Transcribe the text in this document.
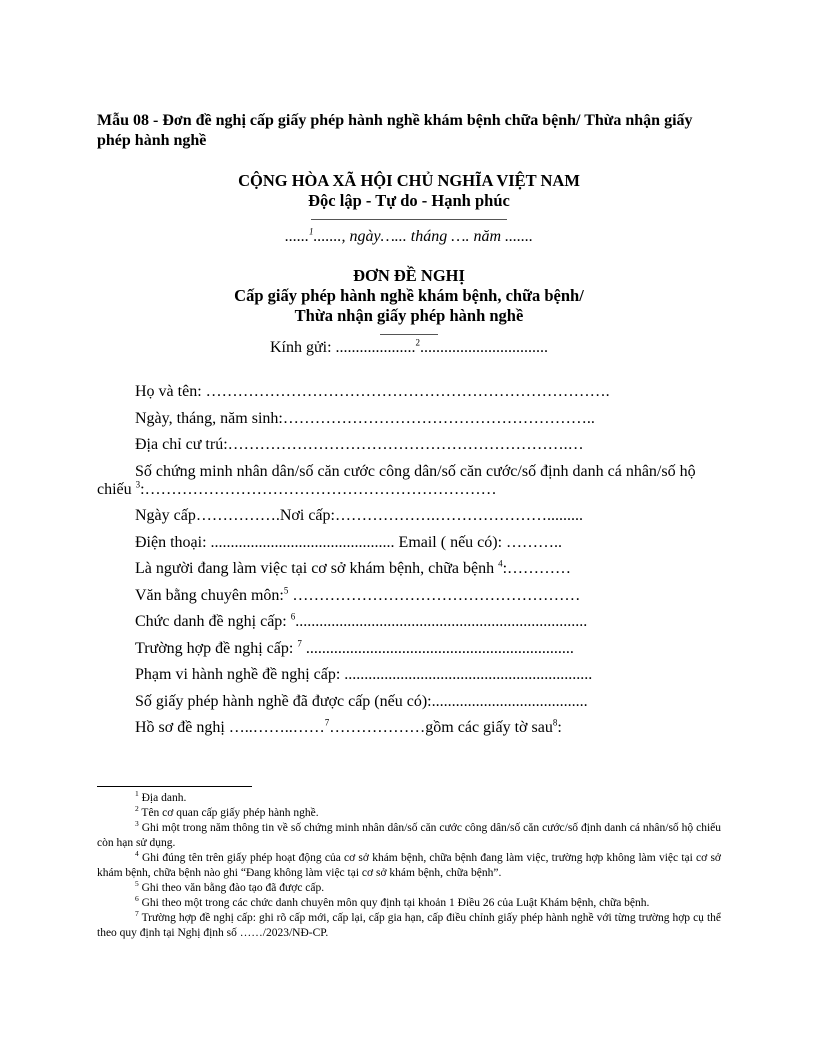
Mẫu 08 - Đơn đề nghị cấp giấy phép hành nghề khám bệnh chữa bệnh/ Thừa nhận giấy phép hành nghề
CỘNG HÒA XÃ HỘI CHỦ NGHĨA VIỆT NAM
Độc lập - Tự do - Hạnh phúc
......$^1$......., ngày…... tháng …. năm .......
ĐƠN ĐỀ NGHỊ
Cấp giấy phép hành nghề khám bệnh, chữa bệnh/
Thừa nhận giấy phép hành nghề
Kính gửi: ....................$^2$................................
Họ và tên: ………………………………………………………………….
Ngày, tháng, năm sinh:…………………………………………………..
Địa chỉ cư trú:……………………………………………………….…
Số chứng minh nhân dân/số căn cước công dân/số căn cước/số định danh cá nhân/số hộ chiếu $^3$:…………………………………………………………
Ngày cấp…………….Nơi cấp:……………….………………….........
Điện thoại: .............................................. Email ( nếu có): ………..
Là người đang làm việc tại cơ sở khám bệnh, chữa bệnh $^4$:…………
Văn bằng chuyên môn:$^5$ ………………………………………………
Chức danh đề nghị cấp: $^6$.........................................................................
Trường hợp đề nghị cấp: $^7$ ...................................................................
Phạm vi hành nghề đề nghị cấp: ..............................................................
Số giấy phép hành nghề đã được cấp (nếu có):.......................................
Hồ sơ đề nghị …..……..……$^7$………………gồm các giấy tờ sau$^8$:
$^1$ Địa danh.
$^2$ Tên cơ quan cấp giấy phép hành nghề.
$^3$ Ghi một trong năm thông tin về số chứng minh nhân dân/số căn cước công dân/số căn cước/số định danh cá nhân/số hộ chiếu còn hạn sử dụng.
$^4$ Ghi đúng tên trên giấy phép hoạt động của cơ sở khám bệnh, chữa bệnh đang làm việc, trường hợp không làm việc tại cơ sở khám bệnh, chữa bệnh nào ghi “Đang không làm việc tại cơ sở khám bệnh, chữa bệnh”.
$^5$ Ghi theo văn bằng đào tạo đã được cấp.
$^6$ Ghi theo một trong các chức danh chuyên môn quy định tại khoản 1 Điều 26 của Luật Khám bệnh, chữa bệnh.
$^7$ Trường hợp đề nghị cấp: ghi rõ cấp mới, cấp lại, cấp gia hạn, cấp điều chỉnh giấy phép hành nghề với từng trường hợp cụ thể theo quy định tại Nghị định số ……/2023/NĐ-CP.
